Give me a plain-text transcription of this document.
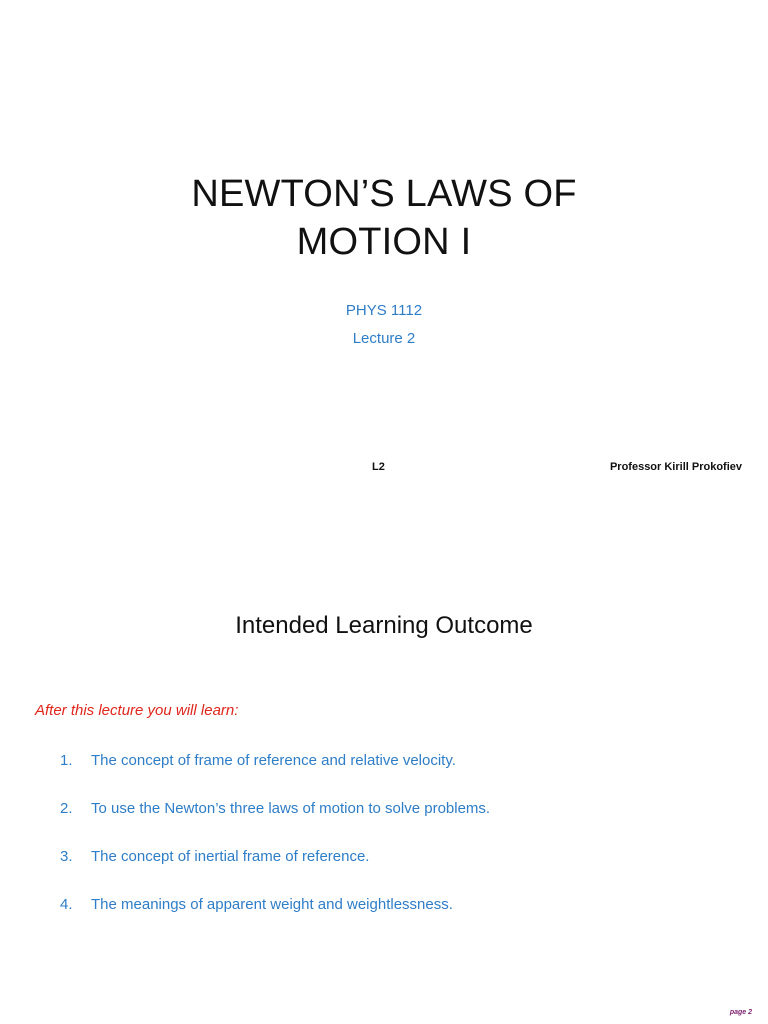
NEWTON’S LAWS OF
MOTION I
PHYS 1112
Lecture 2
L2	Professor Kirill Prokofiev
Intended Learning Outcome
After this lecture you will learn:
1.	The concept of frame of reference and relative velocity.
2.	To use the Newton’s three laws of motion to solve problems.
3.	The concept of inertial frame of reference.
4.	The meanings of apparent weight and weightlessness.
page 2
